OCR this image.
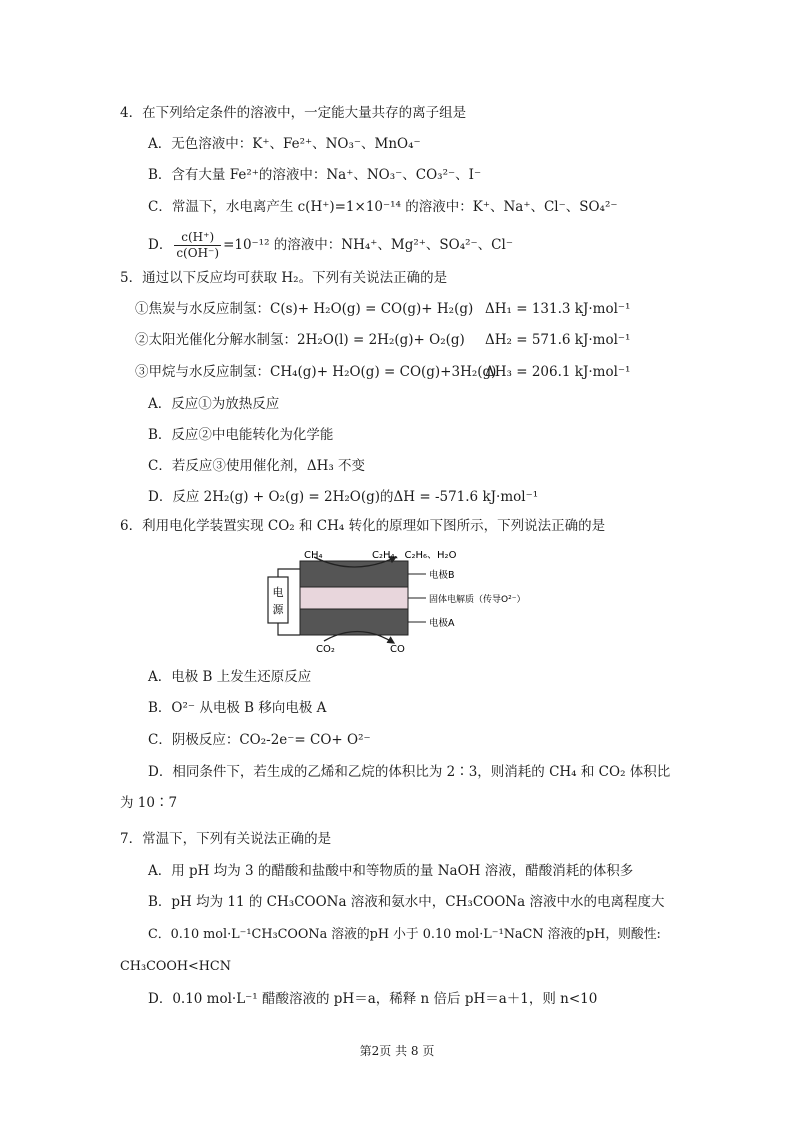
4．在下列给定条件的溶液中，一定能大量共存的离子组是
A．无色溶液中：K⁺、Fe²⁺、NO₃⁻、MnO₄⁻
B．含有大量 Fe²⁺的溶液中：Na⁺、NO₃⁻、CO₃²⁻、I⁻
C．常温下，水电离产生 c(H⁺)=1×10⁻¹⁴ 的溶液中：K⁺、Na⁺、Cl⁻、SO₄²⁻
D． $\frac{c(H^+)}{c(OH^-)} =10^{-12}$ 的溶液中：NH₄⁺、Mg²⁺、SO₄²⁻、Cl⁻
5．通过以下反应均可获取 H₂。下列有关说法正确的是
①焦炭与水反应制氢：C(s)+ H₂O(g) = CO(g)+ H₂(g) ΔH₁ = 131.3 kJ·mol⁻¹
②太阳光催化分解水制氢：2H₂O(l) = 2H₂(g)+ O₂(g) ΔH₂ = 571.6 kJ·mol⁻¹
③甲烷与水反应制氢：CH₄(g)+ H₂O(g) = CO(g)+3H₂(g)
ΔH₃ = 206.1 kJ·mol⁻¹
A．反应①为放热反应
B．反应②中电能转化为化学能
C．若反应③使用催化剂，ΔH₃ 不变
D．反应 2H₂(g) + O₂(g) = 2H₂O(g)的ΔH = -571.6 kJ·mol⁻¹
6．利用电化学装置实现 CO₂ 和 CH₄ 转化的原理如下图所示，下列说法正确的是
电
源
CH₄	C₂H₄、C₂H₆、H₂O
电极B
固体电解质（传导O²⁻）
电极A
CO₂	CO
A．电极 B 上发生还原反应
B．O²⁻ 从电极 B 移向电极 A
C．阴极反应：CO₂-2e⁻= CO+ O²⁻
D．相同条件下，若生成的乙烯和乙烷的体积比为 2∶3，则消耗的 CH₄ 和 CO₂ 体积比
为 10∶7
7．常温下，下列有关说法正确的是
A．用 pH 均为 3 的醋酸和盐酸中和等物质的量 NaOH 溶液，醋酸消耗的体积多
B．pH 均为 11 的 CH₃COONa 溶液和氨水中，CH₃COONa 溶液中水的电离程度大
C．0.10 mol·L⁻¹CH₃COONa 溶液的pH 小于 0.10 mol·L⁻¹NaCN 溶液的pH，则酸性:
CH₃COOH<HCN
D．0.10 mol·L⁻¹ 醋酸溶液的 pH＝a，稀释 n 倍后 pH＝a＋1，则 n<10
第2页 共 8 页
